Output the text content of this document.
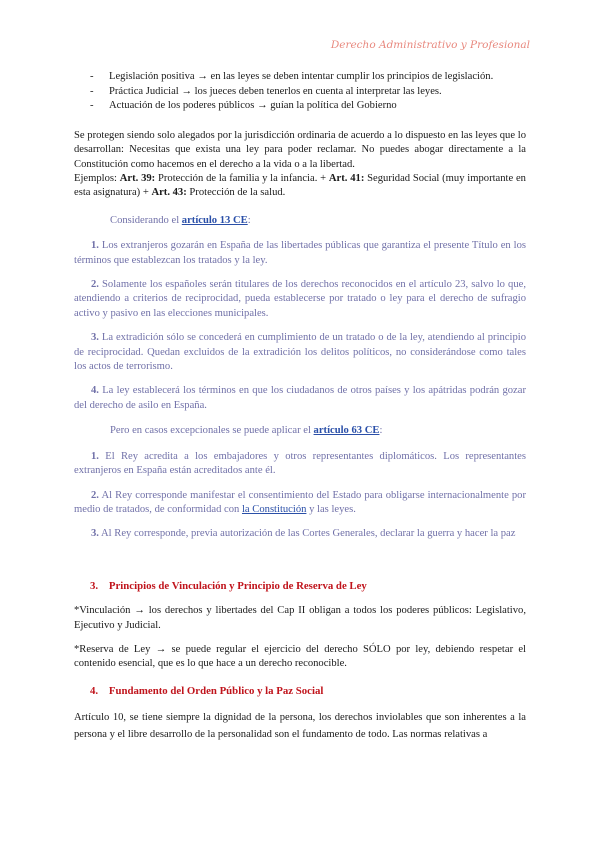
Derecho Administrativo y Profesional
- Legislación positiva → en las leyes se deben intentar cumplir los principios de legislación.
- Práctica Judicial → los jueces deben tenerlos en cuenta al interpretar las leyes.
- Actuación de los poderes públicos → guían la política del Gobierno

Se protegen siendo solo alegados por la jurisdicción ordinaria de acuerdo a lo dispuesto en las leyes que lo desarrollan: Necesitas que exista una ley para poder reclamar. No puedes abogar directamente a la Constitución como hacemos en el derecho a la vida o a la libertad.

Ejemplos: Art. 39: Protección de la familia y la infancia. + Art. 41: Seguridad Social (muy importante en esta asignatura) + Art. 43: Protección de la salud.

Considerando el artículo 13 CE:

1. Los extranjeros gozarán en España de las libertades públicas que garantiza el presente Título en los términos que establezcan los tratados y la ley.

2. Solamente los españoles serán titulares de los derechos reconocidos en el artículo 23, salvo lo que, atendiendo a criterios de reciprocidad, pueda establecerse por tratado o ley para el derecho de sufragio activo y pasivo en las elecciones municipales.

3. La extradición sólo se concederá en cumplimiento de un tratado o de la ley, atendiendo al principio de reciprocidad. Quedan excluidos de la extradición los delitos políticos, no considerándose como tales los actos de terrorismo.

4. La ley establecerá los términos en que los ciudadanos de otros países y los apátridas podrán gozar del derecho de asilo en España.

Pero en casos excepcionales se puede aplicar el artículo 63 CE:

1. El Rey acredita a los embajadores y otros representantes diplomáticos. Los representantes extranjeros en España están acreditados ante él.

2. Al Rey corresponde manifestar el consentimiento del Estado para obligarse internacionalmente por medio de tratados, de conformidad con la Constitución y las leyes.

3. Al Rey corresponde, previa autorización de las Cortes Generales, declarar la guerra y hacer la paz

3. Principios de Vinculación y Principio de Reserva de Ley

*Vinculación → los derechos y libertades del Cap II obligan a todos los poderes públicos: Legislativo, Ejecutivo y Judicial.

*Reserva de Ley → se puede regular el ejercicio del derecho SÓLO por ley, debiendo respetar el contenido esencial, que es lo que hace a un derecho reconocible.

4. Fundamento del Orden Público y la Paz Social

Artículo 10, se tiene siempre la dignidad de la persona, los derechos inviolables que son inherentes a la persona y el libre desarrollo de la personalidad son el fundamento de todo. Las normas relativas a
